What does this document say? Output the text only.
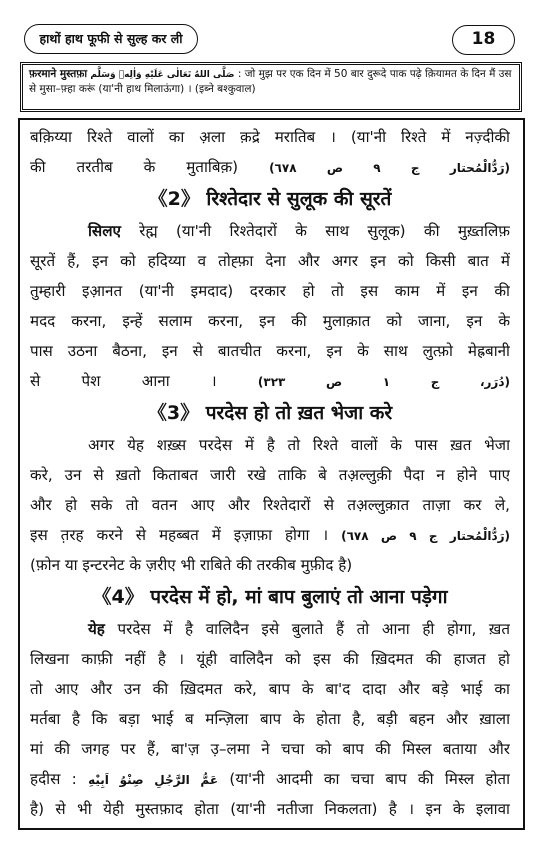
हाथों हाथ फूफी से सुल्ह कर ली	18
फ़रमाने मुस्तफ़ा صَلَّى اللهُ تَعَالٰى عَلَيْهِ وَاٰلِهٖ وَسَلَّم : जो मुझ पर एक दिन में 50 बार दुरूदे पाक पढ़े क़ियामत के दिन मैं उस
से मुसा–फ़्हा करूं (या'नी हाथ मिलाऊंगा) । (इब्ने बश्कुवाल)
बक़िय्या रिश्ते वालों का अ़ला क़द्रे मरातिब । (या'नी रिश्ते में नज़्दीकी
की तरतीब के मुताबिक़)	(رَدُّالْمُحتار ج ٩ ص ٦٧٨)
《2》 रिश्तेदार से सुलूक की सूरतें
सिलए रेह्म (या'नी रिश्तेदारों के साथ सुलूक) की मुख़्तलिफ़
सूरतें हैं, इन को हदिय्या व तोह्फ़ा देना और अगर इन को किसी बात में
तुम्हारी इआ़नत (या'नी इमदाद) दरकार हो तो इस काम में इन की
मदद करना, इन्हें सलाम करना, इन की मुलाक़ात को जाना, इन के
पास उठना बैठना, इन से बातचीत करना, इन के साथ लुत्फ़ो मेह्रबानी
से पेश आना ।	(دُرَر، ج ١ ص ٣٢٣)
《3》 परदेस हो तो ख़त भेजा करे
अगर येह शख़्स परदेस में है तो रिश्ते वालों के पास ख़त भेजा
करे, उन से ख़तो किताबत जारी रखे ताकि बे तअ़ल्लुक़ी पैदा न होने पाए
और हो सके तो वतन आए और रिश्तेदारों से तअ़ल्लुक़ात ताज़ा कर ले,
इस त़रह करने से महब्बत में इज़ाफ़ा होगा । (رَدُّالْمُحتار ج ٩ ص ٦٧٨)
(फ़ोन या इन्टरनेट के ज़रीए भी राबिते की तरकीब मुफ़ीद है)
《4》 परदेस में हो, मां बाप बुलाएं तो आना पड़ेगा
येह परदेस में है वालिदैन इसे बुलाते हैं तो आना ही होगा, ख़त
लिखना काफ़ी नहीं है । यूंही वालिदैन को इस की ख़िदमत की हाजत हो
तो आए और उन की ख़िदमत करे, बाप के बा'द दादा और बड़े भाई का
मर्तबा है कि बड़ा भाई ब मन्ज़िला बाप के होता है, बड़ी बहन और ख़ाला
मां की जगह पर हैं, बा'ज़ उ़–लमा ने चचा को बाप की मिस्ल बताया और
हदीस : عَمُّ الرَّجُلِ صِنْوُ اَبِيْهِ (या'नी आदमी का चचा बाप की मिस्ल होता
है) से भी येही मुस्तफ़ाद होता (या'नी नतीजा निकलता) है । इन के इलावा
